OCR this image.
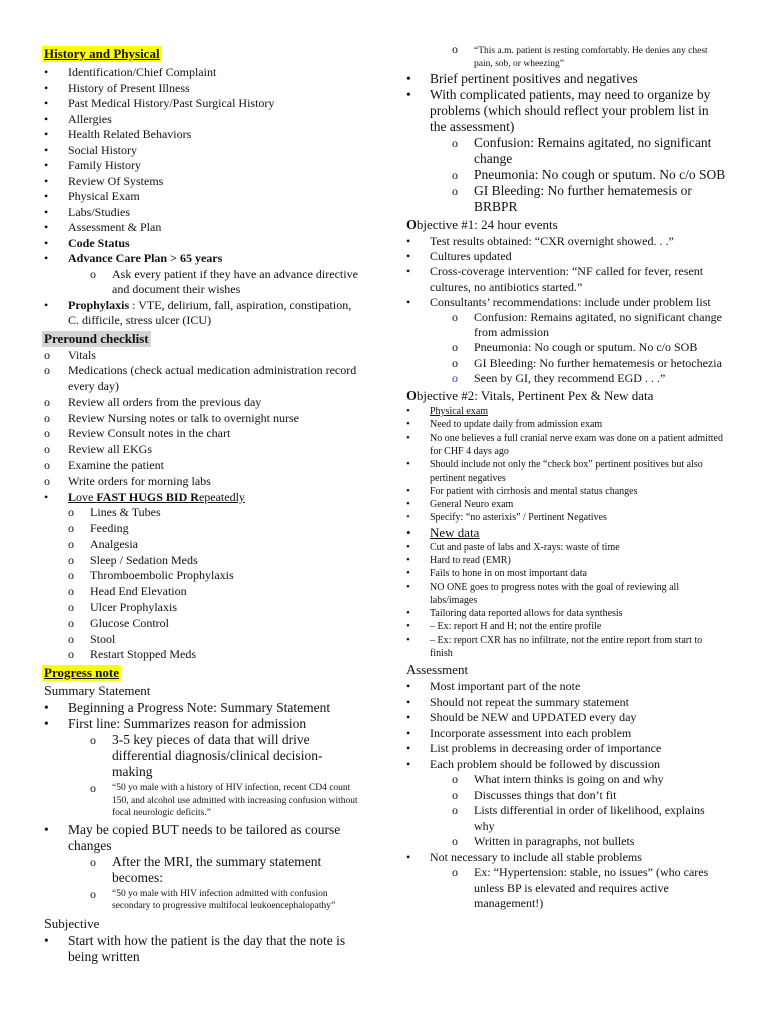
History and Physical
• Identification/Chief Complaint
• History of Present Illness
• Past Medical History/Past Surgical History
• Allergies
• Health Related Behaviors
• Social History
• Family History
• Review Of Systems
• Physical Exam
• Labs/Studies
• Assessment & Plan
• Code Status
• Advance Care Plan > 65 years
o Ask every patient if they have an advance directive and document their wishes
• Prophylaxis : VTE, delirium, fall, aspiration, constipation, C. difficile, stress ulcer (ICU)
Preround checklist
o Vitals
o Medications (check actual medication administration record every day)
o Review all orders from the previous day
o Review Nursing notes or talk to overnight nurse
o Review Consult notes in the chart
o Review all EKGs
o Examine the patient
o Write orders for morning labs
• Love FAST HUGS BID Repeatedly
o Lines & Tubes
o Feeding
o Analgesia
o Sleep / Sedation Meds
o Thromboembolic Prophylaxis
o Head End Elevation
o Ulcer Prophylaxis
o Glucose Control
o Stool
o Restart Stopped Meds
Progress note
Summary Statement
• Beginning a Progress Note: Summary Statement
• First line: Summarizes reason for admission
o 3-5 key pieces of data that will drive differential diagnosis/clinical decision-making
o “50 yo male with a history of HIV infection, recent CD4 count 150, and alcohol use admitted with increasing confusion without focal neurologic deficits.”
• May be copied BUT needs to be tailored as course changes
o After the MRI, the summary statement becomes:
o “50 yo male with HIV infection admitted with confusion secondary to progressive multifocal leukoencephalopathy”
Subjective
• Start with how the patient is the day that the note is being written
o “This a.m. patient is resting comfortably. He denies any chest pain, sob, or wheezing”
• Brief pertinent positives and negatives
• With complicated patients, may need to organize by problems (which should reflect your problem list in the assessment)
o Confusion: Remains agitated, no significant change
o Pneumonia: No cough or sputum. No c/o SOB
o GI Bleeding: No further hematemesis or BRBPR
Objective #1: 24 hour events
• Test results obtained: “CXR overnight showed. . .”
• Cultures updated
• Cross-coverage intervention: “NF called for fever, resent cultures, no antibiotics started.”
• Consultants’ recommendations: include under problem list
o Confusion: Remains agitated, no significant change from admission
o Pneumonia: No cough or sputum. No c/o SOB
o GI Bleeding: No further hematemesis or hetochezia
o Seen by GI, they recommend EGD . . .”
Objective #2: Vitals, Pertinent Pex & New data
• Physical exam
• Need to update daily from admission exam
• No one believes a full cranial nerve exam was done on a patient admitted for CHF 4 days ago
• Should include not only the “check box” pertinent positives but also pertinent negatives
• For patient with cirrhosis and mental status changes
• General Neuro exam
• Specify: “no asterixis” / Pertinent Negatives
• New data
• Cut and paste of labs and X-rays: waste of time
• Hard to read (EMR)
• Fails to hone in on most important data
• NO ONE goes to progress notes with the goal of reviewing all labs/images
• Tailoring data reported allows for data synthesis
• – Ex: report H and H; not the entire profile
• – Ex: report CXR has no infiltrate, not the entire report from start to finish
Assessment
• Most important part of the note
• Should not repeat the summary statement
• Should be NEW and UPDATED every day
• Incorporate assessment into each problem
• List problems in decreasing order of importance
• Each problem should be followed by discussion
o What intern thinks is going on and why
o Discusses things that don’t fit
o Lists differential in order of likelihood, explains why
o Written in paragraphs, not bullets
• Not necessary to include all stable problems
o Ex: “Hypertension: stable, no issues” (who cares unless BP is elevated and requires active management!)
